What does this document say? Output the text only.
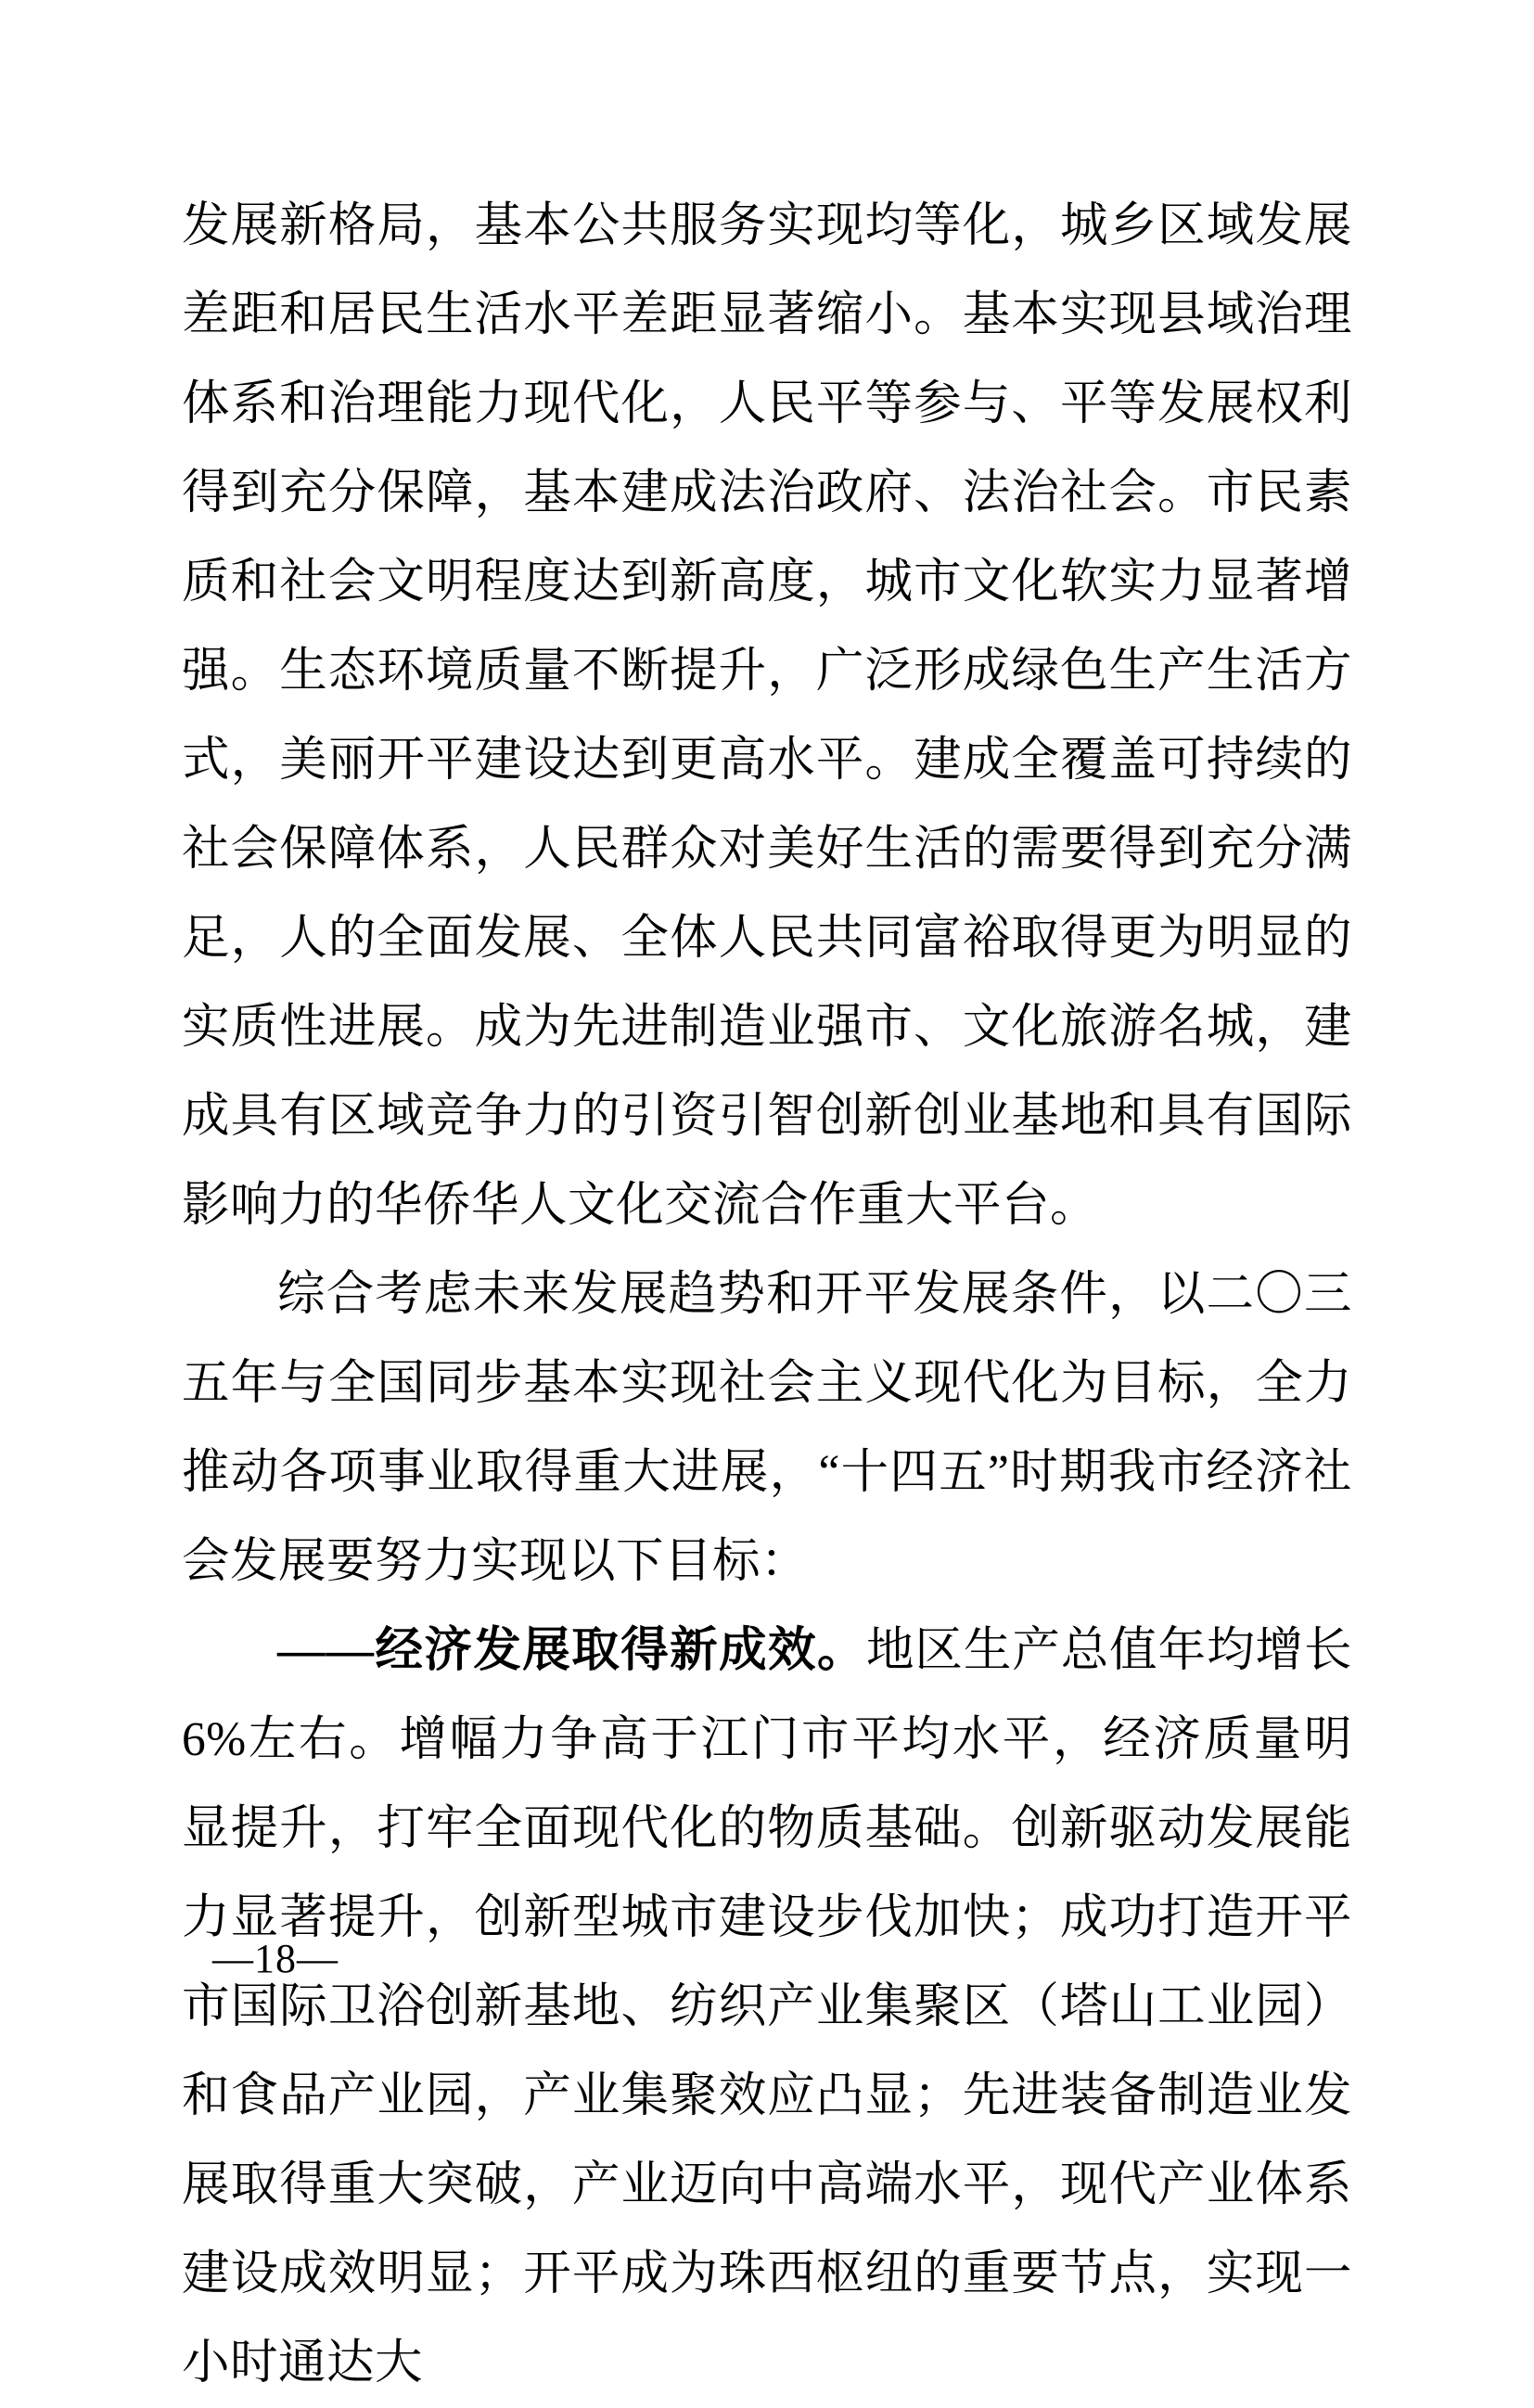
发展新格局，基本公共服务实现均等化，城乡区域发展差距和居民生活水平差距显著缩小。基本实现县域治理体系和治理能力现代化，人民平等参与、平等发展权利得到充分保障，基本建成法治政府、法治社会。市民素质和社会文明程度达到新高度，城市文化软实力显著增强。生态环境质量不断提升，广泛形成绿色生产生活方式，美丽开平建设达到更高水平。建成全覆盖可持续的社会保障体系，人民群众对美好生活的需要得到充分满足，人的全面发展、全体人民共同富裕取得更为明显的实质性进展。成为先进制造业强市、文化旅游名城，建成具有区域竞争力的引资引智创新创业基地和具有国际影响力的华侨华人文化交流合作重大平台。

综合考虑未来发展趋势和开平发展条件，以二〇三五年与全国同步基本实现社会主义现代化为目标，全力推动各项事业取得重大进展，“十四五”时期我市经济社会发展要努力实现以下目标：

——经济发展取得新成效。地区生产总值年均增长 6%左右。增幅力争高于江门市平均水平，经济质量明显提升，打牢全面现代化的物质基础。创新驱动发展能力显著提升，创新型城市建设步伐加快；成功打造开平市国际卫浴创新基地、纺织产业集聚区（塔山工业园）和食品产业园，产业集聚效应凸显；先进装备制造业发展取得重大突破，产业迈向中高端水平，现代产业体系建设成效明显；开平成为珠西枢纽的重要节点，实现一小时通达大

—18—
